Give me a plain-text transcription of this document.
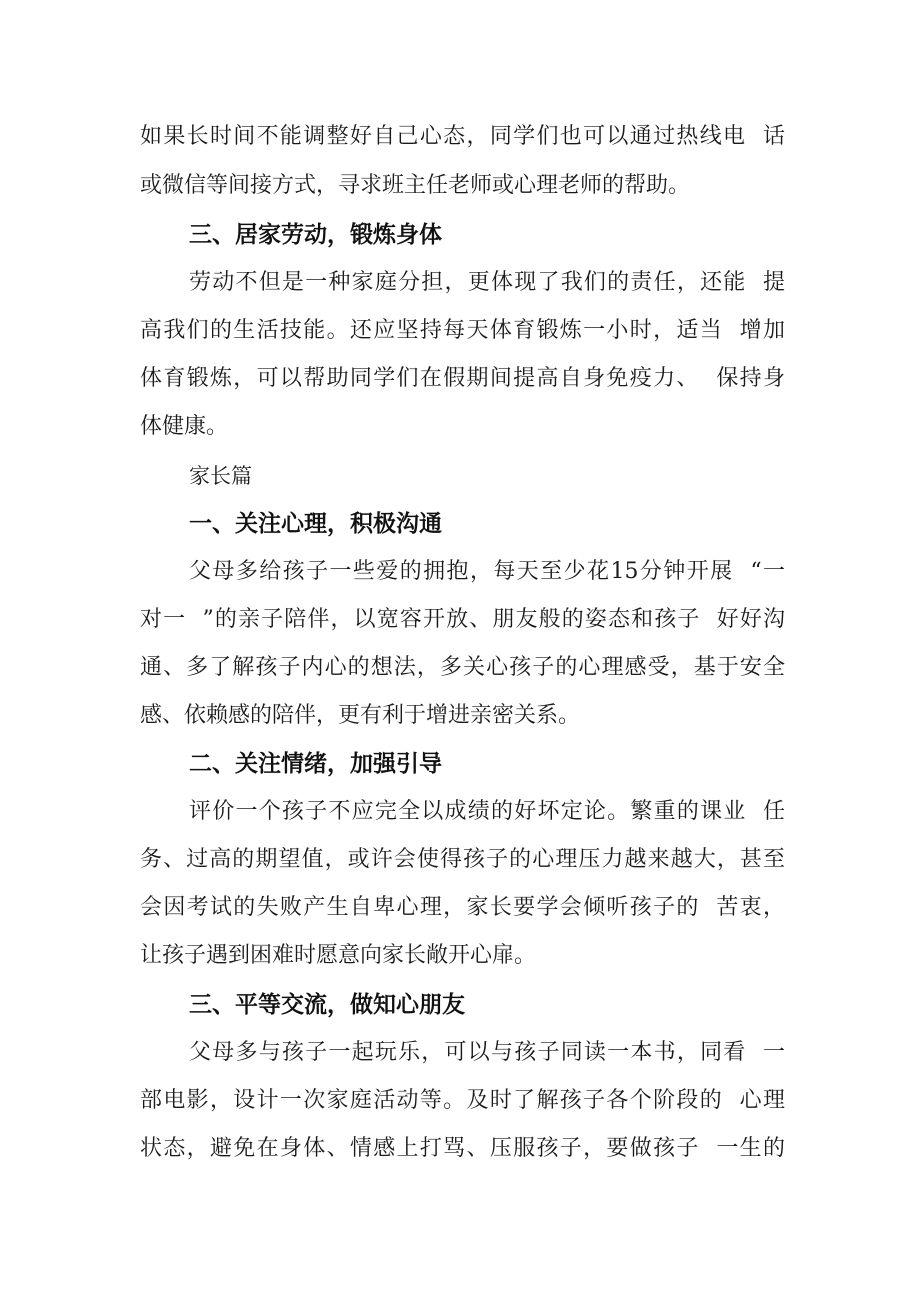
如果长时间不能调整好自己心态，同学们也可以通过热线电  话
或微信等间接方式，寻求班主任老师或心理老师的帮助。
三、居家劳动，锻炼身体
劳动不但是一种家庭分担，更体现了我们的责任，还能  提
高我们的生活技能。还应坚持每天体育锻炼一小时，适当  增加
体育锻炼，可以帮助同学们在假期间提高自身免疫力、  保持身
体健康。
家长篇
一、关注心理，积极沟通
父母多给孩子一些爱的拥抱，每天至少花15分钟开展  “一
对一  ”的亲子陪伴，以宽容开放、朋友般的姿态和孩子  好好沟
通、多了解孩子内心的想法，多关心孩子的心理感受，基于安全
感、依赖感的陪伴，更有利于增进亲密关系。
二、关注情绪，加强引导
评价一个孩子不应完全以成绩的好坏定论。繁重的课业  任
务、过高的期望值，或许会使得孩子的心理压力越来越大，甚至
会因考试的失败产生自卑心理，家长要学会倾听孩子的  苦衷，
让孩子遇到困难时愿意向家长敞开心扉。
三、平等交流，做知心朋友
父母多与孩子一起玩乐，可以与孩子同读一本书，同看  一
部电影，设计一次家庭活动等。及时了解孩子各个阶段的  心理
状态，避免在身体、情感上打骂、压服孩子，要做孩子  一生的
